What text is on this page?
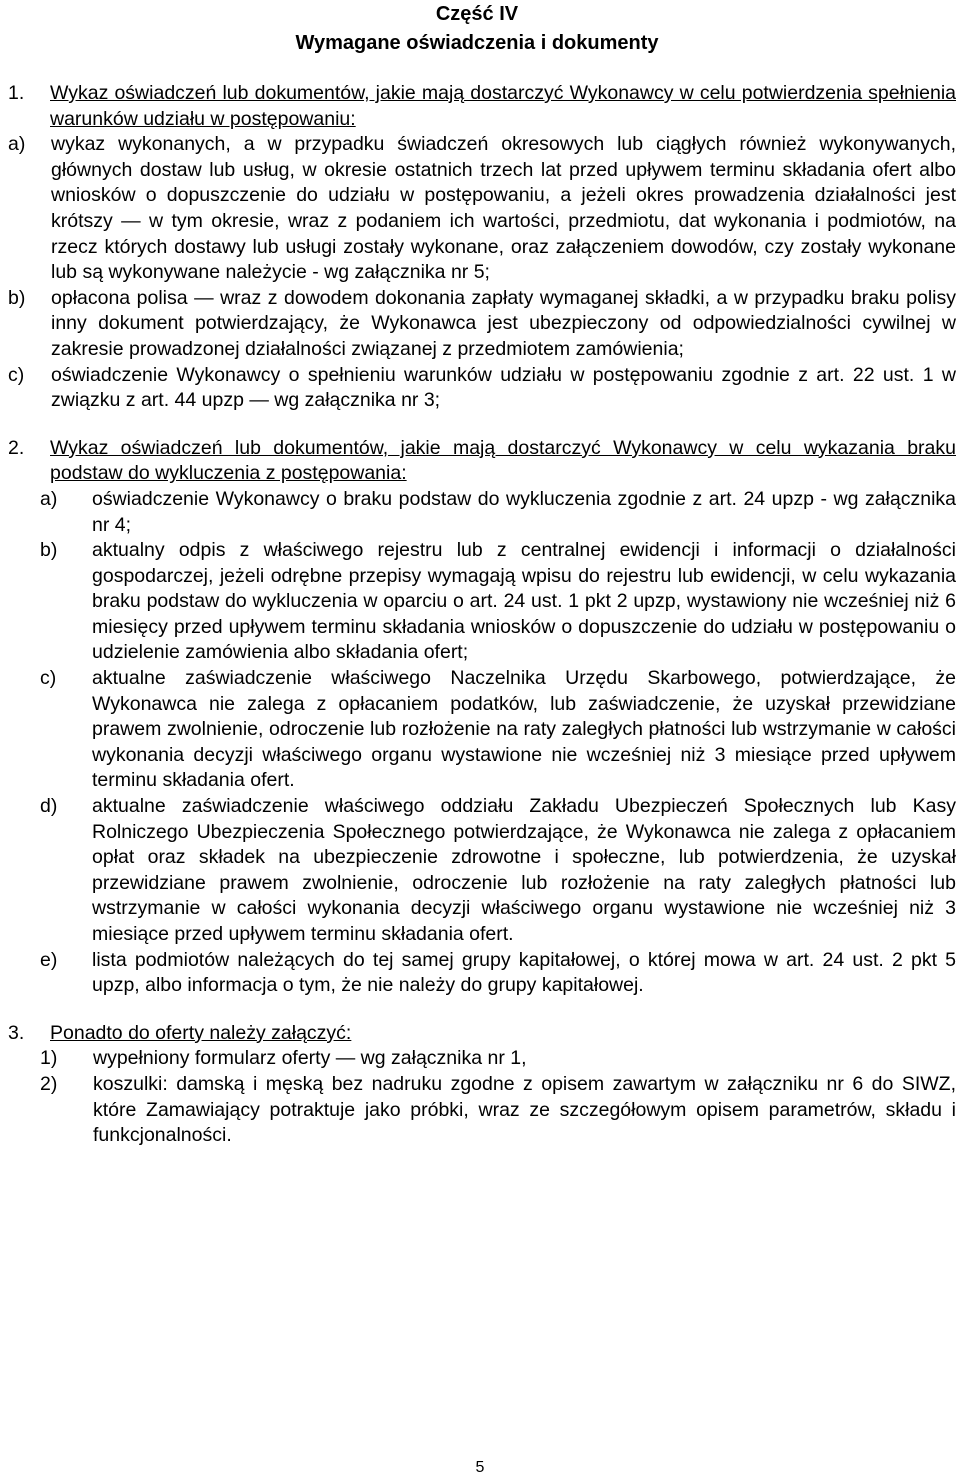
Część IV
Wymagane oświadczenia i dokumenty
1.	Wykaz oświadczeń lub dokumentów, jakie mają dostarczyć Wykonawcy w celu potwierdzenia spełnienia warunków udziału w postępowaniu:
a)	wykaz wykonanych, a w przypadku świadczeń okresowych lub ciągłych również wykonywanych, głównych dostaw lub usług, w okresie ostatnich trzech lat przed upływem terminu składania ofert albo wniosków o dopuszczenie do udziału w postępowaniu, a jeżeli okres prowadzenia działalności jest krótszy — w tym okresie, wraz z podaniem ich wartości, przedmiotu, dat wykonania i podmiotów, na rzecz których dostawy lub usługi zostały wykonane, oraz załączeniem dowodów, czy zostały wykonane lub są wykonywane należycie - wg załącznika nr 5;
b)	opłacona polisa — wraz z dowodem dokonania zapłaty wymaganej składki, a w przypadku braku polisy inny dokument potwierdzający, że Wykonawca jest ubezpieczony od odpowiedzialności cywilnej w zakresie prowadzonej działalności związanej z przedmiotem zamówienia;
c)	oświadczenie Wykonawcy o spełnieniu warunków udziału w postępowaniu zgodnie z art. 22 ust. 1 w związku z art. 44 upzp — wg załącznika nr 3;
2.	Wykaz oświadczeń lub dokumentów, jakie mają dostarczyć Wykonawcy w celu wykazania braku podstaw do wykluczenia z postępowania:
a)	oświadczenie Wykonawcy o braku podstaw do wykluczenia zgodnie z art. 24 upzp - wg załącznika nr 4;
b)	aktualny odpis z właściwego rejestru lub z centralnej ewidencji i informacji o działalności gospodarczej, jeżeli odrębne przepisy wymagają wpisu do rejestru lub ewidencji, w celu wykazania braku podstaw do wykluczenia w oparciu o art. 24 ust. 1 pkt 2 upzp, wystawiony nie wcześniej niż 6 miesięcy przed upływem terminu składania wniosków o dopuszczenie do udziału w postępowaniu o udzielenie zamówienia albo składania ofert;
c)	aktualne zaświadczenie właściwego Naczelnika Urzędu Skarbowego, potwierdzające, że Wykonawca nie zalega z opłacaniem podatków, lub zaświadczenie, że uzyskał przewidziane prawem zwolnienie, odroczenie lub rozłożenie na raty zaległych płatności lub wstrzymanie w całości wykonania decyzji właściwego organu wystawione nie wcześniej niż 3 miesiące przed upływem terminu składania ofert.
d)	aktualne zaświadczenie właściwego oddziału Zakładu Ubezpieczeń Społecznych lub Kasy Rolniczego Ubezpieczenia Społecznego potwierdzające, że Wykonawca nie zalega z opłacaniem opłat oraz składek na ubezpieczenie zdrowotne i społeczne, lub potwierdzenia, że uzyskał przewidziane prawem zwolnienie, odroczenie lub rozłożenie na raty zaległych płatności lub wstrzymanie w całości wykonania decyzji właściwego organu wystawione nie wcześniej niż 3 miesiące przed upływem terminu składania ofert.
e)	lista podmiotów należących do tej samej grupy kapitałowej, o której mowa w art. 24 ust. 2 pkt 5 upzp, albo informacja o tym, że nie należy do grupy kapitałowej.
3.	Ponadto do oferty należy załączyć:
1)	wypełniony formularz oferty — wg załącznika nr 1,
2)	koszulki: damską i męską bez nadruku zgodne z opisem zawartym w załączniku nr 6 do SIWZ, które Zamawiający potraktuje jako próbki, wraz ze szczegółowym opisem parametrów, składu i funkcjonalności.
5
